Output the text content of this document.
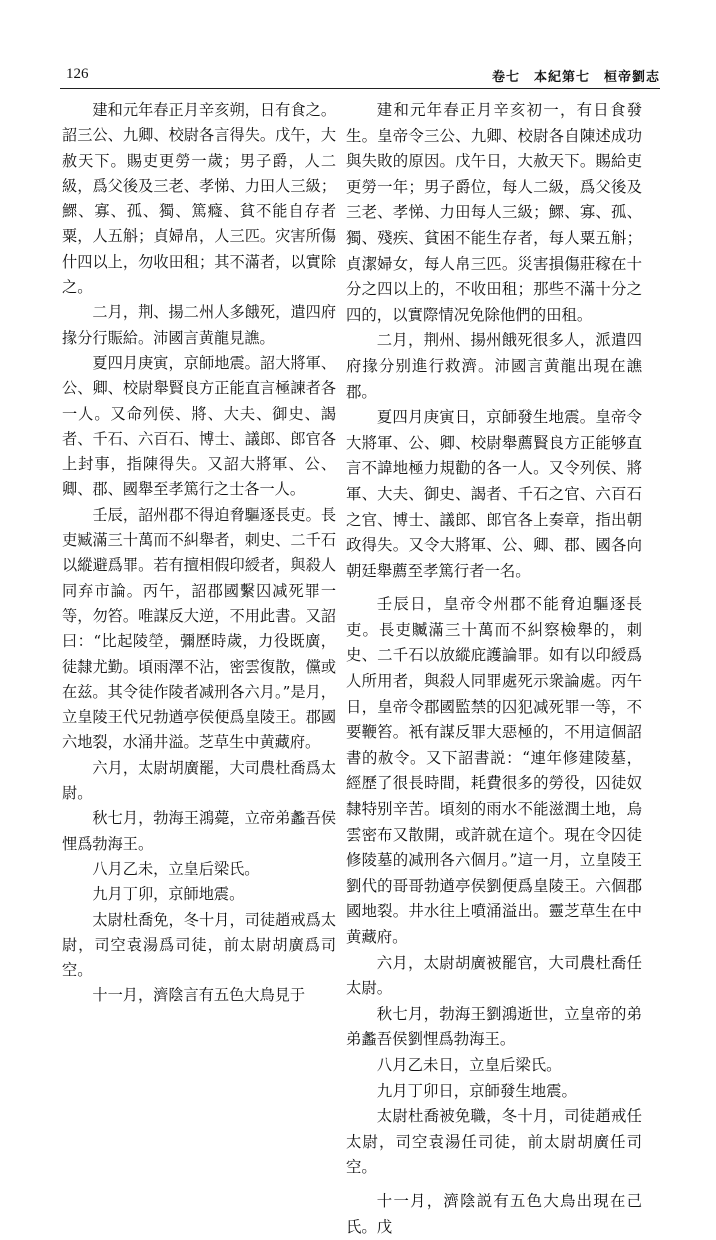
126	卷七　本紀第七　桓帝劉志

建和元年春正月辛亥朔，日有食之。詔三公、九卿、校尉各言得失。戊午，大赦天下。賜吏更勞一歲；男子爵，人二級，爲父後及三老、孝悌、力田人三級；鰥、寡、孤、獨、篤癃、貧不能自存者粟，人五斛；貞婦帛，人三匹。灾害所傷什四以上，勿收田租；其不滿者，以實除之。

二月，荆、揚二州人多餓死，遣四府掾分行賑給。沛國言黄龍見譙。

夏四月庚寅，京師地震。詔大將軍、公、卿、校尉舉賢良方正能直言極諫者各一人。又命列侯、將、大夫、御史、謁者、千石、六百石、博士、議郎、郎官各上封事，指陳得失。又詔大將軍、公、卿、郡、國舉至孝篤行之士各一人。

壬辰，詔州郡不得迫脅驅逐長吏。長吏臧滿三十萬而不糾舉者，刺史、二千石以縱避爲罪。若有擅相假印綬者，與殺人同弃市論。丙午，詔郡國繫囚减死罪一等，勿笞。唯謀反大逆，不用此書。又詔曰：“比起陵塋，彌歷時歲，力役既廣，徒隸尤勤。頃雨澤不沾，密雲復散，儻或在兹。其令徒作陵者减刑各六月。”是月，立皇陵王代兄勃遒亭侯便爲皇陵王。郡國六地裂，水涌井溢。芝草生中黄藏府。

六月，太尉胡廣罷，大司農杜喬爲太尉。

秋七月，勃海王鴻薨，立帝弟蠡吾侯悝爲勃海王。

八月乙未，立皇后梁氏。

九月丁卯，京師地震。

太尉杜喬免，冬十月，司徒趙戒爲太尉，司空袁湯爲司徒，前太尉胡廣爲司空。

十一月，濟陰言有五色大鳥見于

建和元年春正月辛亥初一，有日食發生。皇帝令三公、九卿、校尉各自陳述成功與失敗的原因。戊午日，大赦天下。賜給吏更勞一年；男子爵位，每人二級，爲父後及三老、孝悌、力田每人三級；鰥、寡、孤、獨、殘疾、貧困不能生存者，每人粟五斛；貞潔婦女，每人帛三匹。災害損傷莊稼在十分之四以上的，不收田租；那些不滿十分之四的，以實際情况免除他們的田租。

二月，荆州、揚州餓死很多人，派遣四府掾分别進行救濟。沛國言黄龍出現在譙郡。

夏四月庚寅日，京師發生地震。皇帝令大將軍、公、卿、校尉舉薦賢良方正能够直言不諱地極力規勸的各一人。又令列侯、將軍、大夫、御史、謁者、千石之官、六百石之官、博士、議郎、郎官各上奏章，指出朝政得失。又令大將軍、公、卿、郡、國各向朝廷舉薦至孝篤行者一名。

壬辰日，皇帝令州郡不能脅迫驅逐長吏。長吏贓滿三十萬而不糾察檢舉的，刺史、二千石以放縱庇護論罪。如有以印綬爲人所用者，與殺人同罪處死示衆論處。丙午日，皇帝令郡國監禁的囚犯减死罪一等，不要鞭笞。衹有謀反罪大惡極的，不用這個詔書的赦令。又下詔書説：“連年修建陵墓，經歷了很長時間，耗費很多的勞役，囚徒奴隸特别辛苦。頃刻的雨水不能滋潤土地，烏雲密布又散開，或許就在這个。現在令囚徒修陵墓的减刑各六個月。”這一月，立皇陵王劉代的哥哥勃遒亭侯劉便爲皇陵王。六個郡國地裂。井水往上噴涌溢出。靈芝草生在中黄藏府。

六月，太尉胡廣被罷官，大司農杜喬任太尉。

秋七月，勃海王劉鴻逝世，立皇帝的弟弟蠡吾侯劉悝爲勃海王。

八月乙未日，立皇后梁氏。

九月丁卯日，京師發生地震。

太尉杜喬被免職，冬十月，司徒趙戒任太尉，司空袁湯任司徒，前太尉胡廣任司空。

十一月，濟陰説有五色大鳥出現在己氏。戊
